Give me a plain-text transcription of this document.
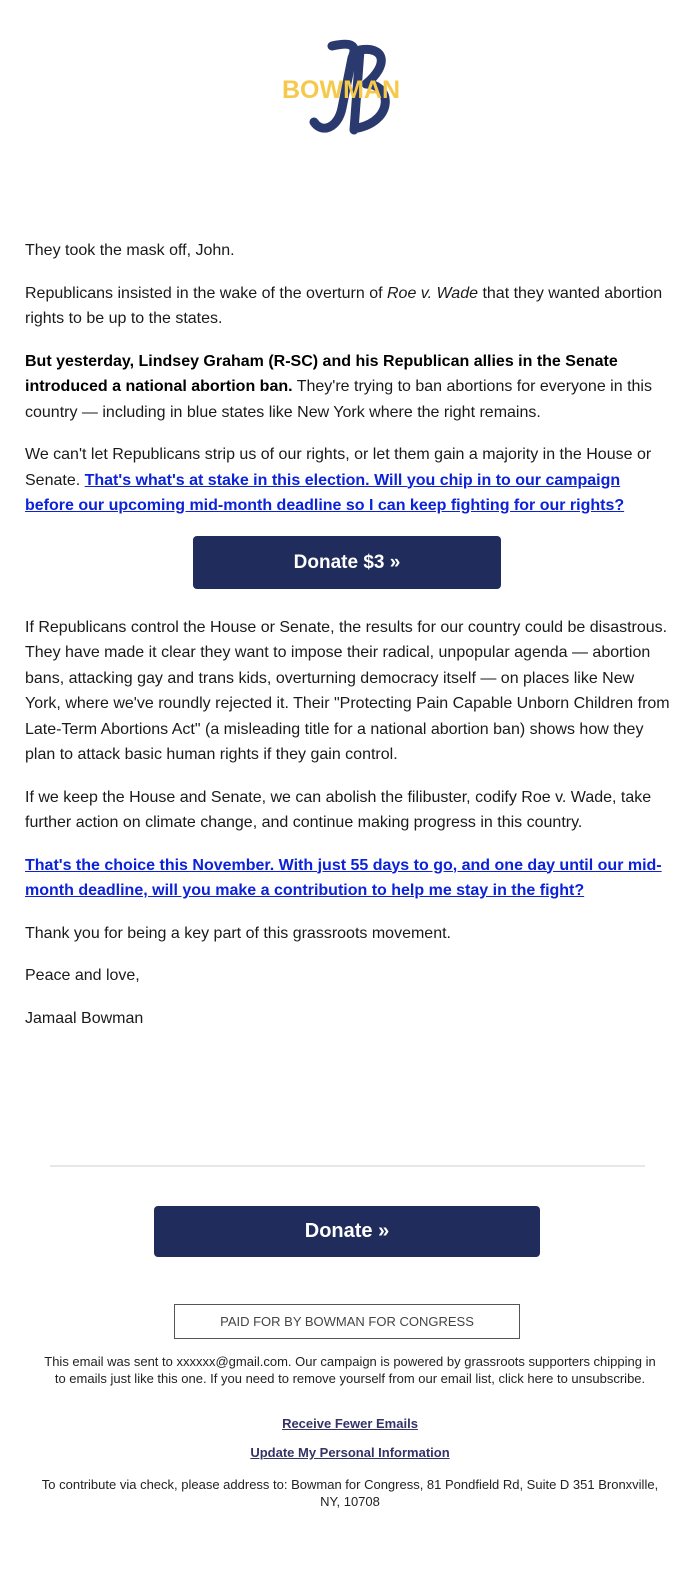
BOWMAN

They took the mask off, John.

Republicans insisted in the wake of the overturn of Roe v. Wade that they wanted abortion rights to be up to the states.

But yesterday, Lindsey Graham (R-SC) and his Republican allies in the Senate introduced a national abortion ban. They're trying to ban abortions for everyone in this country — including in blue states like New York where the right remains.

We can't let Republicans strip us of our rights, or let them gain a majority in the House or Senate. That's what's at stake in this election. Will you chip in to our campaign before our upcoming mid-month deadline so I can keep fighting for our rights?

Donate $3 »

If Republicans control the House or Senate, the results for our country could be disastrous. They have made it clear they want to impose their radical, unpopular agenda — abortion bans, attacking gay and trans kids, overturning democracy itself — on places like New York, where we've roundly rejected it. Their "Protecting Pain Capable Unborn Children from Late-Term Abortions Act" (a misleading title for a national abortion ban) shows how they plan to attack basic human rights if they gain control.

If we keep the House and Senate, we can abolish the filibuster, codify Roe v. Wade, take further action on climate change, and continue making progress in this country.

That's the choice this November. With just 55 days to go, and one day until our mid-month deadline, will you make a contribution to help me stay in the fight?

Thank you for being a key part of this grassroots movement.

Peace and love,

Jamaal Bowman

Donate »
PAID FOR BY BOWMAN FOR CONGRESS
This email was sent to xxxxxx@gmail.com. Our campaign is powered by grassroots supporters chipping in to emails just like this one. If you need to remove yourself from our email list, click here to unsubscribe.
Receive Fewer Emails
Update My Personal Information
To contribute via check, please address to: Bowman for Congress, 81 Pondfield Rd, Suite D 351 Bronxville, NY, 10708
